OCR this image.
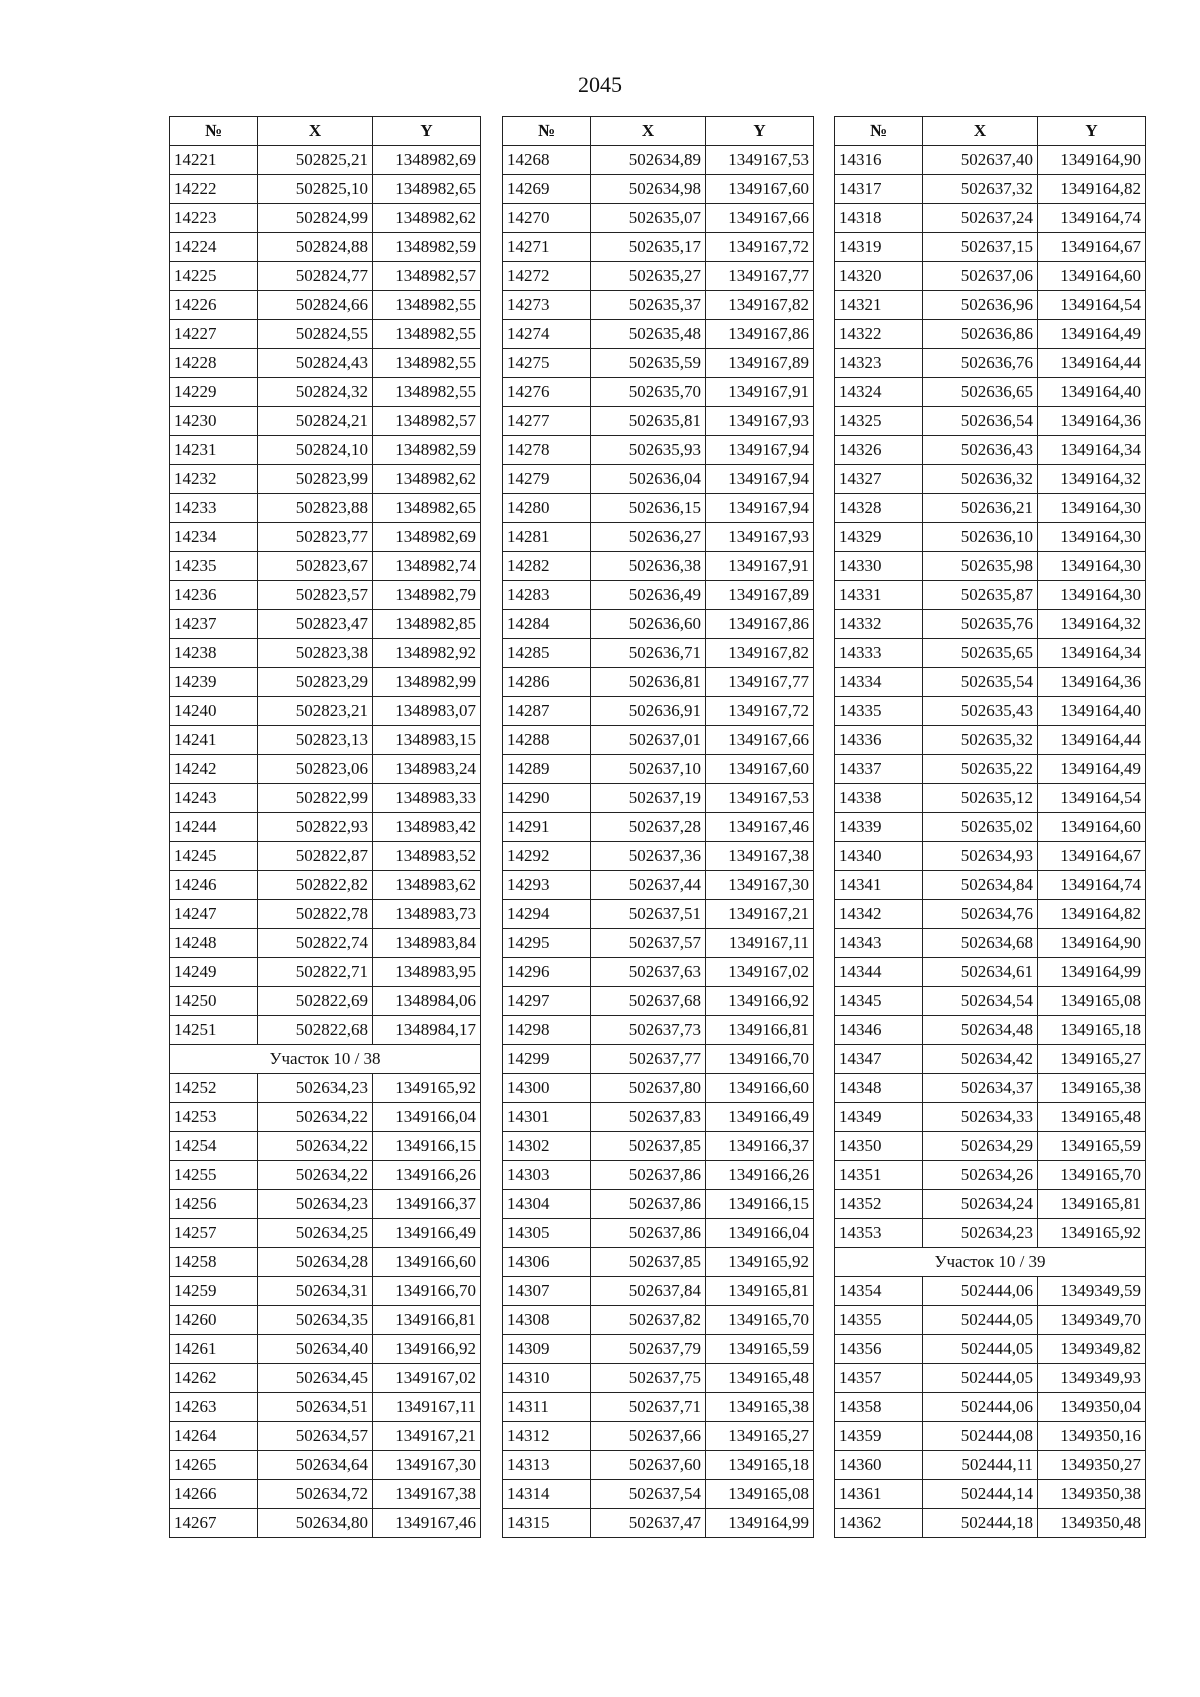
2045
№	X	Y
14221	502825,21	1348982,69
14222	502825,10	1348982,65
14223	502824,99	1348982,62
14224	502824,88	1348982,59
14225	502824,77	1348982,57
14226	502824,66	1348982,55
14227	502824,55	1348982,55
14228	502824,43	1348982,55
14229	502824,32	1348982,55
14230	502824,21	1348982,57
14231	502824,10	1348982,59
14232	502823,99	1348982,62
14233	502823,88	1348982,65
14234	502823,77	1348982,69
14235	502823,67	1348982,74
14236	502823,57	1348982,79
14237	502823,47	1348982,85
14238	502823,38	1348982,92
14239	502823,29	1348982,99
14240	502823,21	1348983,07
14241	502823,13	1348983,15
14242	502823,06	1348983,24
14243	502822,99	1348983,33
14244	502822,93	1348983,42
14245	502822,87	1348983,52
14246	502822,82	1348983,62
14247	502822,78	1348983,73
14248	502822,74	1348983,84
14249	502822,71	1348983,95
14250	502822,69	1348984,06
14251	502822,68	1348984,17
Участок 10 / 38		
14252	502634,23	1349165,92
14253	502634,22	1349166,04
14254	502634,22	1349166,15
14255	502634,22	1349166,26
14256	502634,23	1349166,37
14257	502634,25	1349166,49
14258	502634,28	1349166,60
14259	502634,31	1349166,70
14260	502634,35	1349166,81
14261	502634,40	1349166,92
14262	502634,45	1349167,02
14263	502634,51	1349167,11
14264	502634,57	1349167,21
14265	502634,64	1349167,30
14266	502634,72	1349167,38
14267	502634,80	1349167,46
№	X	Y
14268	502634,89	1349167,53
14269	502634,98	1349167,60
14270	502635,07	1349167,66
14271	502635,17	1349167,72
14272	502635,27	1349167,77
14273	502635,37	1349167,82
14274	502635,48	1349167,86
14275	502635,59	1349167,89
14276	502635,70	1349167,91
14277	502635,81	1349167,93
14278	502635,93	1349167,94
14279	502636,04	1349167,94
14280	502636,15	1349167,94
14281	502636,27	1349167,93
14282	502636,38	1349167,91
14283	502636,49	1349167,89
14284	502636,60	1349167,86
14285	502636,71	1349167,82
14286	502636,81	1349167,77
14287	502636,91	1349167,72
14288	502637,01	1349167,66
14289	502637,10	1349167,60
14290	502637,19	1349167,53
14291	502637,28	1349167,46
14292	502637,36	1349167,38
14293	502637,44	1349167,30
14294	502637,51	1349167,21
14295	502637,57	1349167,11
14296	502637,63	1349167,02
14297	502637,68	1349166,92
14298	502637,73	1349166,81
14299	502637,77	1349166,70
14300	502637,80	1349166,60
14301	502637,83	1349166,49
14302	502637,85	1349166,37
14303	502637,86	1349166,26
14304	502637,86	1349166,15
14305	502637,86	1349166,04
14306	502637,85	1349165,92
14307	502637,84	1349165,81
14308	502637,82	1349165,70
14309	502637,79	1349165,59
14310	502637,75	1349165,48
14311	502637,71	1349165,38
14312	502637,66	1349165,27
14313	502637,60	1349165,18
14314	502637,54	1349165,08
14315	502637,47	1349164,99
№	X	Y
14316	502637,40	1349164,90
14317	502637,32	1349164,82
14318	502637,24	1349164,74
14319	502637,15	1349164,67
14320	502637,06	1349164,60
14321	502636,96	1349164,54
14322	502636,86	1349164,49
14323	502636,76	1349164,44
14324	502636,65	1349164,40
14325	502636,54	1349164,36
14326	502636,43	1349164,34
14327	502636,32	1349164,32
14328	502636,21	1349164,30
14329	502636,10	1349164,30
14330	502635,98	1349164,30
14331	502635,87	1349164,30
14332	502635,76	1349164,32
14333	502635,65	1349164,34
14334	502635,54	1349164,36
14335	502635,43	1349164,40
14336	502635,32	1349164,44
14337	502635,22	1349164,49
14338	502635,12	1349164,54
14339	502635,02	1349164,60
14340	502634,93	1349164,67
14341	502634,84	1349164,74
14342	502634,76	1349164,82
14343	502634,68	1349164,90
14344	502634,61	1349164,99
14345	502634,54	1349165,08
14346	502634,48	1349165,18
14347	502634,42	1349165,27
14348	502634,37	1349165,38
14349	502634,33	1349165,48
14350	502634,29	1349165,59
14351	502634,26	1349165,70
14352	502634,24	1349165,81
14353	502634,23	1349165,92
Участок 10 / 39		
14354	502444,06	1349349,59
14355	502444,05	1349349,70
14356	502444,05	1349349,82
14357	502444,05	1349349,93
14358	502444,06	1349350,04
14359	502444,08	1349350,16
14360	502444,11	1349350,27
14361	502444,14	1349350,38
14362	502444,18	1349350,48
